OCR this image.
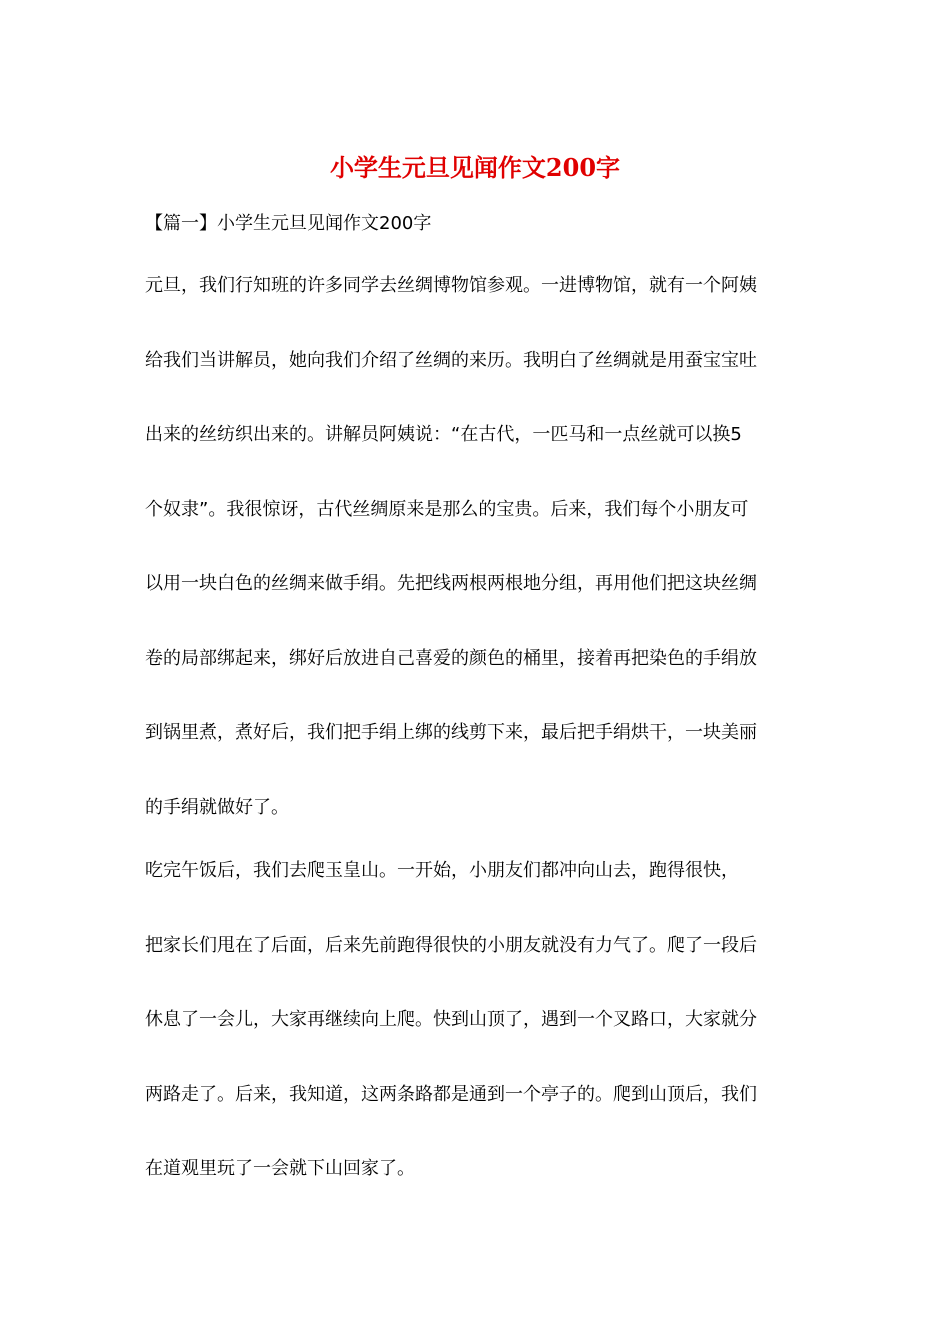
小学生元旦见闻作文200字

【篇一】小学生元旦见闻作文200字

元旦，我们行知班的许多同学去丝绸博物馆参观。一进博物馆，就有一个阿姨

给我们当讲解员，她向我们介绍了丝绸的来历。我明白了丝绸就是用蚕宝宝吐

出来的丝纺织出来的。讲解员阿姨说：“在古代，一匹马和一点丝就可以换5

个奴隶”。我很惊讶，古代丝绸原来是那么的宝贵。后来，我们每个小朋友可

以用一块白色的丝绸来做手绢。先把线两根两根地分组，再用他们把这块丝绸

卷的局部绑起来，绑好后放进自己喜爱的颜色的桶里，接着再把染色的手绢放

到锅里煮，煮好后，我们把手绢上绑的线剪下来，最后把手绢烘干，一块美丽

的手绢就做好了。

吃完午饭后，我们去爬玉皇山。一开始，小朋友们都冲向山去，跑得很快，

把家长们甩在了后面，后来先前跑得很快的小朋友就没有力气了。爬了一段后

休息了一会儿，大家再继续向上爬。快到山顶了，遇到一个叉路口，大家就分

两路走了。后来，我知道，这两条路都是通到一个亭子的。爬到山顶后，我们

在道观里玩了一会就下山回家了。
